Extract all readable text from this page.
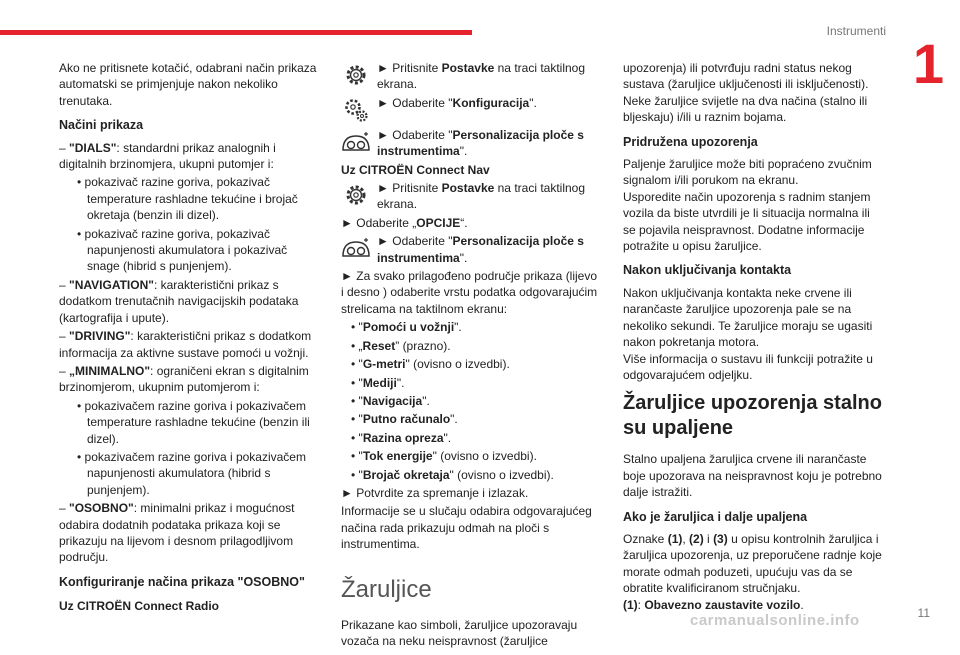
Instrumenti
1
11
carmanualsonline.info

Ako ne pritisnete kotačić, odabrani način prikaza automatski se primjenjuje nakon nekoliko trenutaka.

Načini prikaza
– "DIALS": standardni prikaz analognih i digitalnih brzinomjera, ukupni putomjer i:
• pokazivač razine goriva, pokazivač temperature rashladne tekućine i brojač okretaja (benzin ili dizel).
• pokazivač razine goriva, pokazivač napunjenosti akumulatora i pokazivač snage (hibrid s punjenjem).
– "NAVIGATION": karakteristični prikaz s dodatkom trenutačnih navigacijskih podataka (kartografija i upute).
– "DRIVING": karakteristični prikaz s dodatkom informacija za aktivne sustave pomoći u vožnji.
– „MINIMALNO": ograničeni ekran s digitalnim brzinomjerom, ukupnim putomjerom i:
• pokazivačem razine goriva i pokazivačem temperature rashladne tekućine (benzin ili dizel).
• pokazivačem razine goriva i pokazivačem napunjenosti akumulatora (hibrid s punjenjem).
– "OSOBNO": minimalni prikaz i mogućnost odabira dodatnih podataka prikaza koji se prikazuju na lijevom i desnom prilagodljivom području.
Konfiguriranje načina prikaza "OSOBNO"
Uz CITROËN Connect Radio
► Pritisnite Postavke na traci taktilnog ekrana.
► Odaberite "Konfiguracija".
► Odaberite "Personalizacija ploče s instrumentima".
Uz CITROËN Connect Nav
► Pritisnite Postavke na traci taktilnog ekrana.
► Odaberite „OPCIJE“.
► Odaberite "Personalizacija ploče s instrumentima".
► Za svako prilagođeno područje prikaza (lijevo i desno ) odaberite vrstu podatka odgovarajućim strelicama na taktilnom ekranu:
• "Pomoći u vožnji".
• „Reset” (prazno).
• "G-metri" (ovisno o izvedbi).
• "Mediji".
• "Navigacija".
• "Putno računalo".
• "Razina opreza".
• "Tok energije" (ovisno o izvedbi).
• "Brojač okretaja" (ovisno o izvedbi).
► Potvrdite za spremanje i izlazak.

Informacije se u slučaju odabira odgovarajućeg načina rada prikazuju odmah na ploči s instrumentima.

Žaruljice

Prikazane kao simboli, žaruljice upozoravaju vozača na neku neispravnost (žaruljice

upozorenja) ili potvrđuju radni status nekog sustava (žaruljice uključenosti ili isključenosti). Neke žaruljice svijetle na dva načina (stalno ili bljeskaju) i/ili u raznim bojama.

Pridružena upozorenja

Paljenje žaruljice može biti popraćeno zvučnim signalom i/ili porukom na ekranu.

Usporedite način upozorenja s radnim stanjem vozila da biste utvrdili je li situacija normalna ili se pojavila neispravnost. Dodatne informacije potražite u opisu žaruljice.

Nakon uključivanja kontakta

Nakon uključivanja kontakta neke crvene ili narančaste žaruljice upozorenja pale se na nekoliko sekundi. Te žaruljice moraju se ugasiti nakon pokretanja motora.

Više informacija o sustavu ili funkciji potražite u odgovarajućem odjeljku.

Žaruljice upozorenja stalno su upaljene

Stalno upaljena žaruljica crvene ili narančaste boje upozorava na neispravnost koju je potrebno dalje istražiti.

Ako je žaruljica i dalje upaljena

Oznake (1), (2) i (3) u opisu kontrolnih žaruljica i žaruljica upozorenja, uz preporučene radnje koje morate odmah poduzeti, upućuju vas da se obratite kvalificiranom stručnjaku.

(1): Obavezno zaustavite vozilo.
